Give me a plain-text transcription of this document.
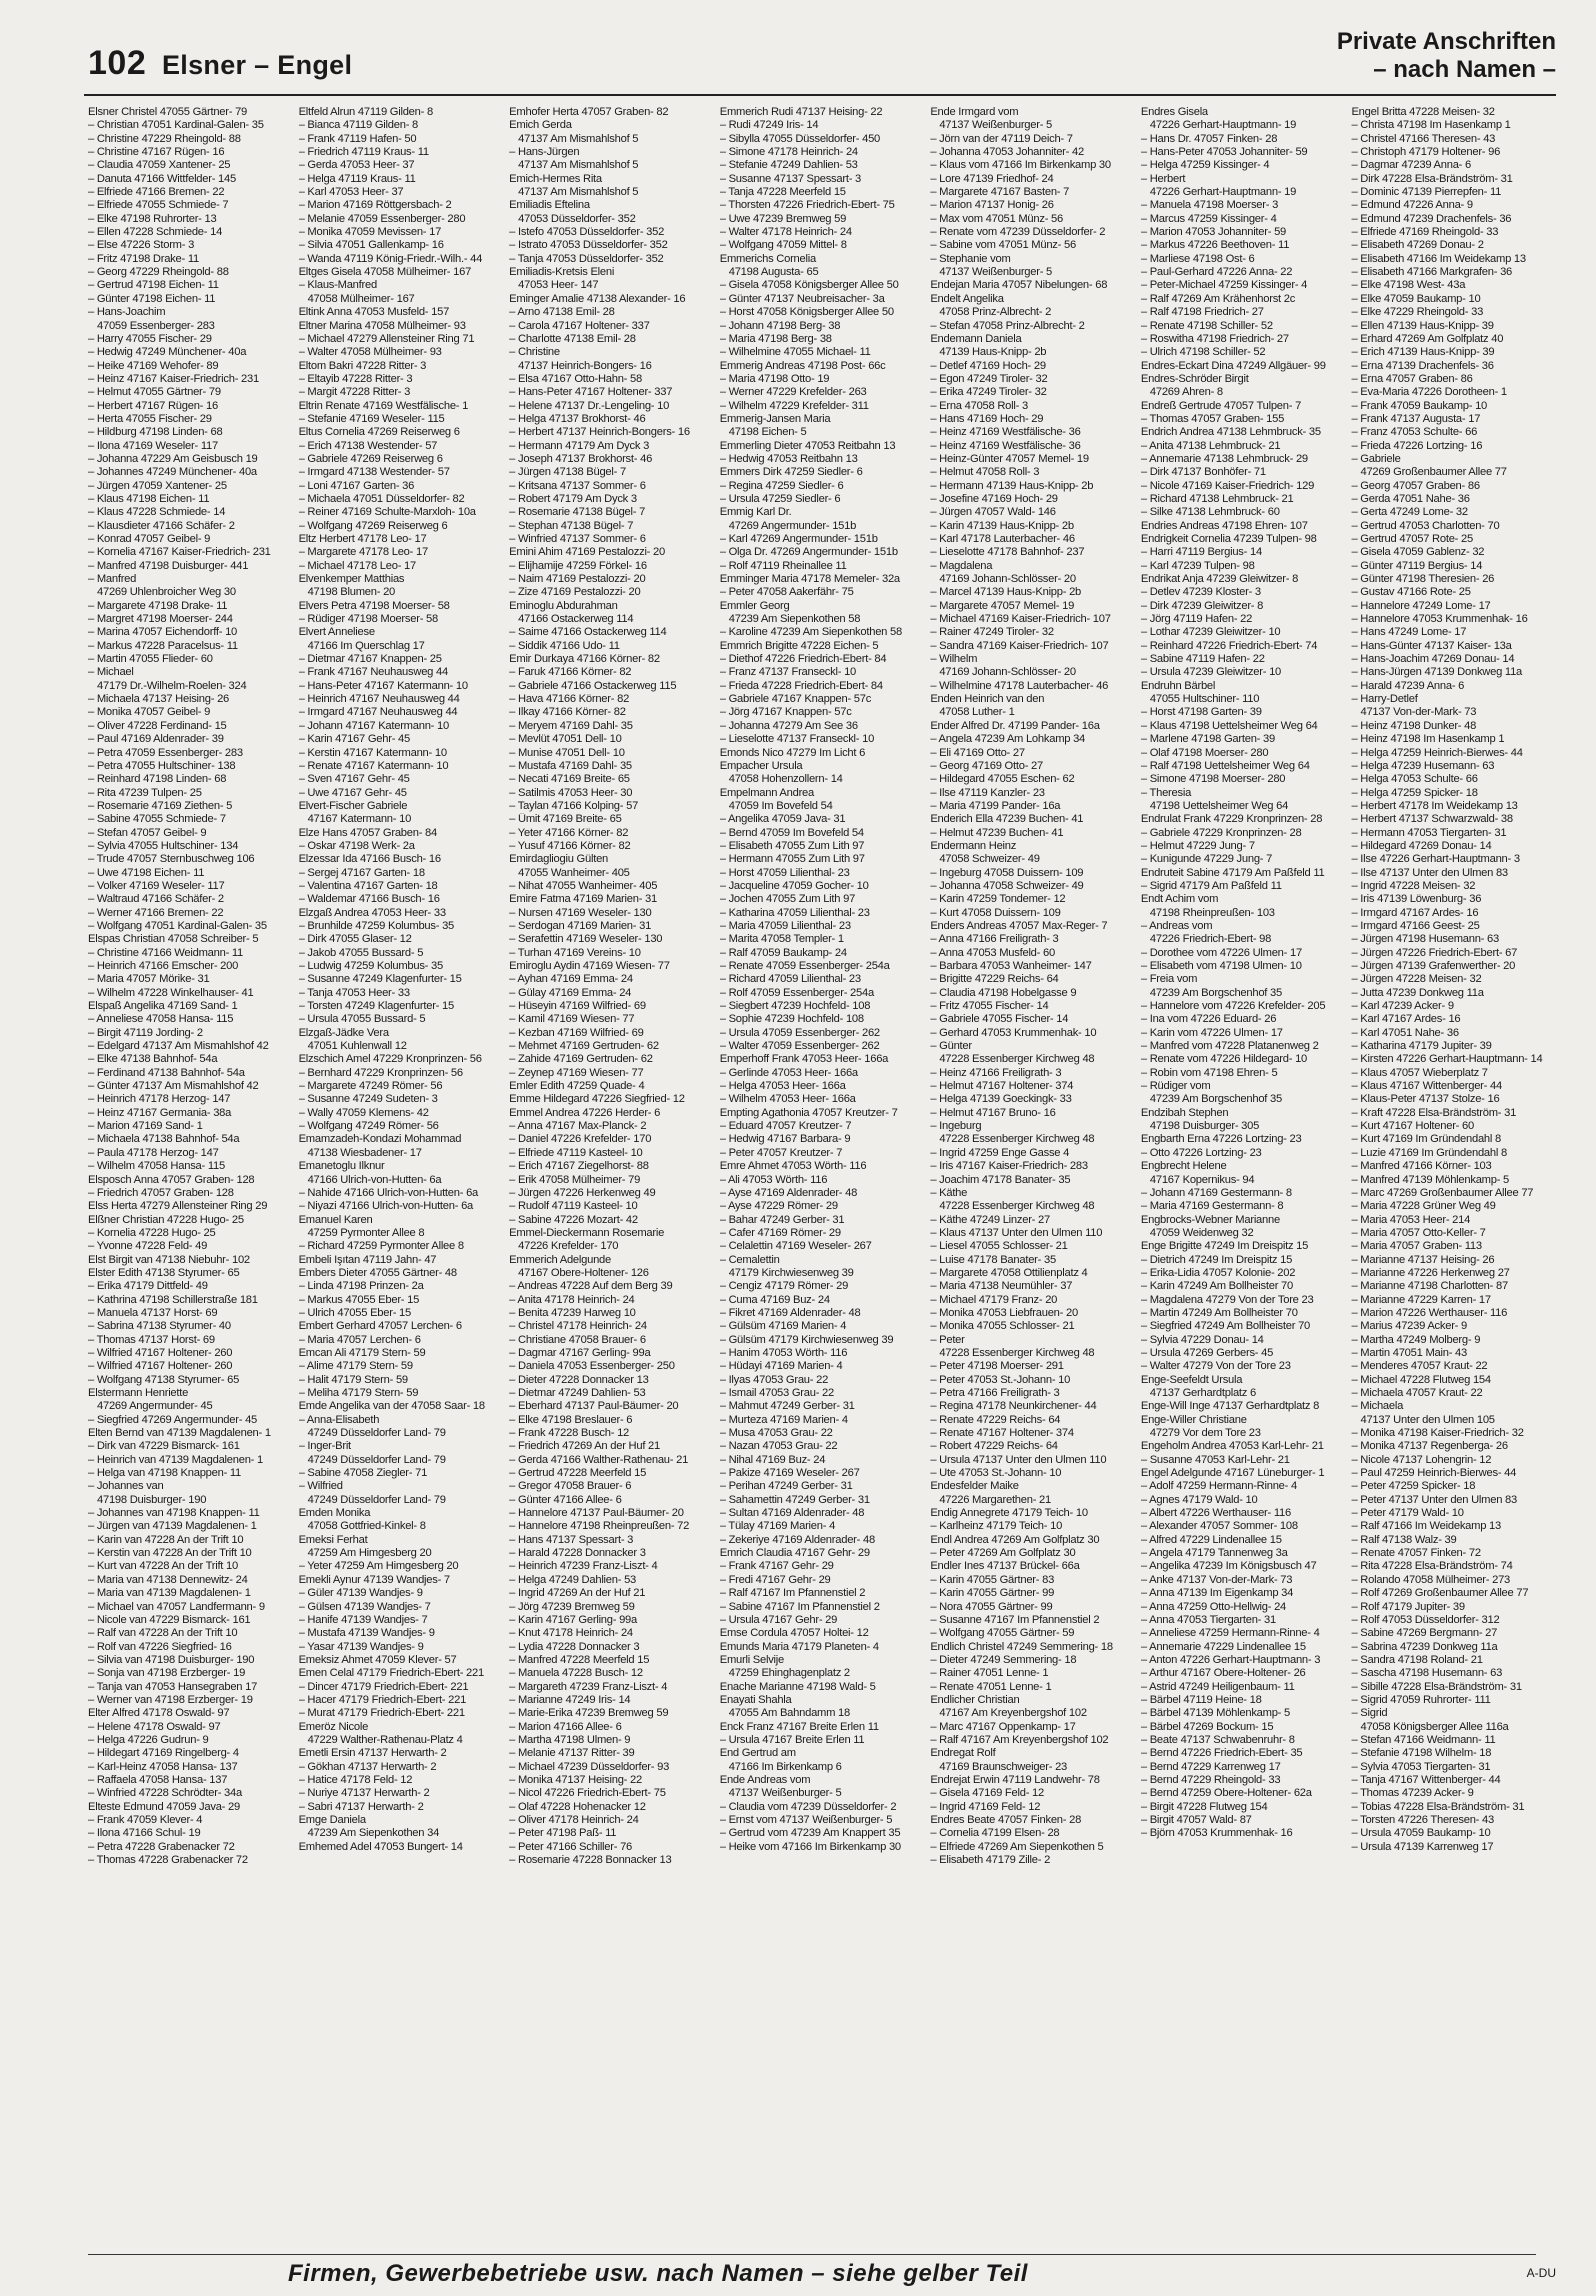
102 Elsner – Engel
Private Anschriften
– nach Namen –
Elsner Christel 47055 Gärtner- 79
– Christian 47051 Kardinal-Galen- 35
– Christine 47229 Rheingold- 88
– Christine 47167 Rügen- 16
– Claudia 47059 Xantener- 25
– Danuta 47166 Wittfelder- 145
– Elfriede 47166 Bremen- 22
– Elfriede 47055 Schmiede- 7
– Elke 47198 Ruhrorter- 13
– Ellen 47228 Schmiede- 14
– Else 47226 Storm- 3
– Fritz 47198 Drake- 11
– Georg 47229 Rheingold- 88
– Gertrud 47198 Eichen- 11
– Günter 47198 Eichen- 11
– Hans-Joachim
47059 Essenberger- 283
– Harry 47055 Fischer- 29
– Hedwig 47249 Münchener- 40a
– Heike 47169 Wehofer- 89
– Heinz 47167 Kaiser-Friedrich- 231
– Helmut 47055 Gärtner- 79
– Herbert 47167 Rügen- 16
– Herta 47055 Fischer- 29
– Hildburg 47198 Linden- 68
– Ilona 47169 Weseler- 117
– Johanna 47229 Am Geisbusch 19
– Johannes 47249 Münchener- 40a
– Jürgen 47059 Xantener- 25
– Klaus 47198 Eichen- 11
– Klaus 47228 Schmiede- 14
– Klausdieter 47166 Schäfer- 2
– Konrad 47057 Geibel- 9
– Kornelia 47167 Kaiser-Friedrich- 231
– Manfred 47198 Duisburger- 441
– Manfred
47269 Uhlenbroicher Weg 30
– Margarete 47198 Drake- 11
– Margret 47198 Moerser- 244
– Marina 47057 Eichendorff- 10
– Markus 47228 Paracelsus- 11
– Martin 47055 Flieder- 60
– Michael
47179 Dr.-Wilhelm-Roelen- 324
– Michaela 47137 Heising- 26
– Monika 47057 Geibel- 9
– Oliver 47228 Ferdinand- 15
– Paul 47169 Aldenrader- 39
– Petra 47059 Essenberger- 283
– Petra 47055 Hultschiner- 138
– Reinhard 47198 Linden- 68
– Rita 47239 Tulpen- 25
– Rosemarie 47169 Ziethen- 5
– Sabine 47055 Schmiede- 7
– Stefan 47057 Geibel- 9
– Sylvia 47055 Hultschiner- 134
– Trude 47057 Sternbuschweg 106
– Uwe 47198 Eichen- 11
– Volker 47169 Weseler- 117
– Waltraud 47166 Schäfer- 2
– Werner 47166 Bremen- 22
– Wolfgang 47051 Kardinal-Galen- 35
Elspas Christian 47058 Schreiber- 5
– Christine 47166 Weidmann- 11
– Heinrich 47166 Emscher- 200
– Maria 47057 Mörike- 31
– Wilhelm 47228 Winkelhauser- 41
Elspaß Angelika 47169 Sand- 1
– Anneliese 47058 Hansa- 115
– Birgit 47119 Jording- 2
– Edelgard 47137 Am Mismahlshof 42
– Elke 47138 Bahnhof- 54a
– Ferdinand 47138 Bahnhof- 54a
– Günter 47137 Am Mismahlshof 42
– Heinrich 47178 Herzog- 147
– Heinz 47167 Germania- 38a
– Marion 47169 Sand- 1
– Michaela 47138 Bahnhof- 54a
– Paula 47178 Herzog- 147
– Wilhelm 47058 Hansa- 115
Elsposch Anna 47057 Graben- 128
– Friedrich 47057 Graben- 128
Elss Herta 47279 Allensteiner Ring 29
Elßner Christian 47228 Hugo- 25
– Kornelia 47228 Hugo- 25
– Yvonne 47228 Feld- 49
Elst Birgit van 47138 Niebuhr- 102
Elster Edith 47138 Styrumer- 65
– Erika 47179 Dittfeld- 49
– Kathrina 47198 Schillerstraße 181
– Manuela 47137 Horst- 69
– Sabrina 47138 Styrumer- 40
– Thomas 47137 Horst- 69
– Wilfried 47167 Holtener- 260
– Wilfried 47167 Holtener- 260
– Wolfgang 47138 Styrumer- 65
Elstermann Henriette
47269 Angermunder- 45
– Siegfried 47269 Angermunder- 45
Elten Bernd van 47139 Magdalenen- 1
– Dirk van 47229 Bismarck- 161
– Heinrich van 47139 Magdalenen- 1
– Helga van 47198 Knappen- 11
– Johannes van
47198 Duisburger- 190
– Johannes van 47198 Knappen- 11
– Jürgen van 47139 Magdalenen- 1
– Karin van 47228 An der Trift 10
– Kerstin van 47228 An der Trift 10
– Kurt van 47228 An der Trift 10
– Maria van 47138 Dennewitz- 24
– Maria van 47139 Magdalenen- 1
– Michael van 47057 Landfermann- 9
– Nicole van 47229 Bismarck- 161
– Ralf van 47228 An der Trift 10
– Rolf van 47226 Siegfried- 16
– Silvia van 47198 Duisburger- 190
– Sonja van 47198 Erzberger- 19
– Tanja van 47053 Hansegraben 17
– Werner van 47198 Erzberger- 19
Elter Alfred 47178 Oswald- 97
– Helene 47178 Oswald- 97
– Helga 47226 Gudrun- 9
– Hildegart 47169 Ringelberg- 4
– Karl-Heinz 47058 Hansa- 137
– Raffaela 47058 Hansa- 137
– Winfried 47228 Schrödter- 34a
Elteste Edmund 47059 Java- 29
– Frank 47059 Klever- 4
– Ilona 47166 Schul- 19
– Petra 47228 Grabenacker 72
– Thomas 47228 Grabenacker 72
Eltfeld Alrun 47119 Gilden- 8
– Bianca 47119 Gilden- 8
– Frank 47119 Hafen- 50
– Friedrich 47119 Kraus- 11
– Gerda 47053 Heer- 37
– Helga 47119 Kraus- 11
– Karl 47053 Heer- 37
– Marion 47169 Röttgersbach- 2
– Melanie 47059 Essenberger- 280
– Monika 47059 Mevissen- 17
– Silvia 47051 Gallenkamp- 16
– Wanda 47119 König-Friedr.-Wilh.- 44
Eltges Gisela 47058 Mülheimer- 167
– Klaus-Manfred
47058 Mülheimer- 167
Eltink Anna 47053 Musfeld- 157
Eltner Marina 47058 Mülheimer- 93
– Michael 47279 Allensteiner Ring 71
– Walter 47058 Mülheimer- 93
Eltom Bakri 47228 Ritter- 3
– Eltayib 47228 Ritter- 3
– Margit 47228 Ritter- 3
Eltrin Renate 47169 Westfälische- 1
– Stefanie 47169 Weseler- 115
Eltus Cornelia 47269 Reiserweg 6
– Erich 47138 Westender- 57
– Gabriele 47269 Reiserweg 6
– Irmgard 47138 Westender- 57
– Loni 47167 Garten- 36
– Michaela 47051 Düsseldorfer- 82
– Reiner 47169 Schulte-Marxloh- 10a
– Wolfgang 47269 Reiserweg 6
Eltz Herbert 47178 Leo- 17
– Margarete 47178 Leo- 17
– Michael 47178 Leo- 17
Elvenkemper Matthias
47198 Blumen- 20
Elvers Petra 47198 Moerser- 58
– Rüdiger 47198 Moerser- 58
Elvert Anneliese
47166 Im Querschlag 17
– Dietmar 47167 Knappen- 25
– Frank 47167 Neuhausweg 44
– Hans-Peter 47167 Katermann- 10
– Heinrich 47167 Neuhausweg 44
– Irmgard 47167 Neuhausweg 44
– Johann 47167 Katermann- 10
– Karin 47167 Gehr- 45
– Kerstin 47167 Katermann- 10
– Renate 47167 Katermann- 10
– Sven 47167 Gehr- 45
– Uwe 47167 Gehr- 45
Elvert-Fischer Gabriele
47167 Katermann- 10
Elze Hans 47057 Graben- 84
– Oskar 47198 Werk- 2a
Elzessar Ida 47166 Busch- 16
– Sergej 47167 Garten- 18
– Valentina 47167 Garten- 18
– Waldemar 47166 Busch- 16
Elzgaß Andrea 47053 Heer- 33
– Brunhilde 47259 Kolumbus- 35
– Dirk 47055 Glaser- 12
– Jakob 47055 Bussard- 5
– Ludwig 47259 Kolumbus- 35
– Susanne 47249 Klagenfurter- 15
– Tanja 47053 Heer- 33
– Torsten 47249 Klagenfurter- 15
– Ursula 47055 Bussard- 5
Elzgaß-Jädke Vera
47051 Kuhlenwall 12
Elzschich Amel 47229 Kronprinzen- 56
– Bernhard 47229 Kronprinzen- 56
– Margarete 47249 Römer- 56
– Susanne 47249 Sudeten- 3
– Wally 47059 Klemens- 42
– Wolfgang 47249 Römer- 56
Emamzadeh-Kondazi Mohammad
47138 Wiesbadener- 17
Emanetoglu Ilknur
47166 Ulrich-von-Hutten- 6a
– Nahide 47166 Ulrich-von-Hutten- 6a
– Niyazi 47166 Ulrich-von-Hutten- 6a
Emanuel Karen
47259 Pyrmonter Allee 8
– Richard 47259 Pyrmonter Allee 8
Embeli Işıtan 47119 Jahn- 47
Embers Dieter 47055 Gärtner- 48
– Linda 47198 Prinzen- 2a
– Markus 47055 Eber- 15
– Ulrich 47055 Eber- 15
Embert Gerhard 47057 Lerchen- 6
– Maria 47057 Lerchen- 6
Emcan Ali 47179 Stern- 59
– Alime 47179 Stern- 59
– Halit 47179 Stern- 59
– Meliha 47179 Stern- 59
Emde Angelika van der 47058 Saar- 18
– Anna-Elisabeth
47249 Düsseldorfer Land- 79
– Inger-Brit
47249 Düsseldorfer Land- 79
– Sabine 47058 Ziegler- 71
– Wilfried
47249 Düsseldorfer Land- 79
Emden Monika
47058 Gottfried-Kinkel- 8
Emeksi Ferhat
47259 Am Himgesberg 20
– Yeter 47259 Am Himgesberg 20
Emekli Aynur 47139 Wandjes- 7
– Güler 47139 Wandjes- 9
– Gülsen 47139 Wandjes- 7
– Hanife 47139 Wandjes- 7
– Mustafa 47139 Wandjes- 9
– Yasar 47139 Wandjes- 9
Emeksiz Ahmet 47059 Klever- 57
Emen Celal 47179 Friedrich-Ebert- 221
– Dincer 47179 Friedrich-Ebert- 221
– Hacer 47179 Friedrich-Ebert- 221
– Murat 47179 Friedrich-Ebert- 221
Emeröz Nicole
47229 Walther-Rathenau-Platz 4
Emetli Ersin 47137 Herwarth- 2
– Gökhan 47137 Herwarth- 2
– Hatice 47178 Feld- 12
– Nuriye 47137 Herwarth- 2
– Sabri 47137 Herwarth- 2
Emge Daniela
47239 Am Siepenkothen 34
Emhemed Adel 47053 Bungert- 14
Emhofer Herta 47057 Graben- 82
Emich Gerda
47137 Am Mismahlshof 5
– Hans-Jürgen
47137 Am Mismahlshof 5
Emich-Hermes Rita
47137 Am Mismahlshof 5
Emiliadis Eftelina
47053 Düsseldorfer- 352
– Istefo 47053 Düsseldorfer- 352
– Istrato 47053 Düsseldorfer- 352
– Tanja 47053 Düsseldorfer- 352
Emiliadis-Kretsis Eleni
47053 Heer- 147
Eminger Amalie 47138 Alexander- 16
– Arno 47138 Emil- 28
– Carola 47167 Holtener- 337
– Charlotte 47138 Emil- 28
– Christine
47137 Heinrich-Bongers- 16
– Elsa 47167 Otto-Hahn- 58
– Hans-Peter 47167 Holtener- 337
– Helene 47137 Dr.-Lengeling- 10
– Helga 47137 Brokhorst- 46
– Herbert 47137 Heinrich-Bongers- 16
– Hermann 47179 Am Dyck 3
– Joseph 47137 Brokhorst- 46
– Jürgen 47138 Bügel- 7
– Kritsana 47137 Sommer- 6
– Robert 47179 Am Dyck 3
– Rosemarie 47138 Bügel- 7
– Stephan 47138 Bügel- 7
– Winfried 47137 Sommer- 6
Emini Ahim 47169 Pestalozzi- 20
– Elijhamije 47259 Förkel- 16
– Naim 47169 Pestalozzi- 20
– Zize 47169 Pestalozzi- 20
Eminoglu Abdurahman
47166 Ostackerweg 114
– Saime 47166 Ostackerweg 114
– Siddik 47166 Udo- 11
Emir Durkaya 47166 Körner- 82
– Faruk 47166 Körner- 82
– Gabriele 47166 Ostackerweg 115
– Hava 47166 Körner- 82
– Ilkay 47166 Körner- 82
– Meryem 47169 Dahl- 35
– Mevlüt 47051 Dell- 10
– Munise 47051 Dell- 10
– Mustafa 47169 Dahl- 35
– Necati 47169 Breite- 65
– Satilmis 47053 Heer- 30
– Taylan 47166 Kolping- 57
– Ümit 47169 Breite- 65
– Yeter 47166 Körner- 82
– Yusuf 47166 Körner- 82
Emirdagliogiu Gülten
47055 Wanheimer- 405
– Nihat 47055 Wanheimer- 405
Emire Fatma 47169 Marien- 31
– Nursen 47169 Weseler- 130
– Serdogan 47169 Marien- 31
– Serafettin 47169 Weseler- 130
– Turhan 47169 Vereins- 10
Emiroglu Aydin 47169 Wiesen- 77
– Ayhan 47169 Emma- 24
– Gülay 47169 Emma- 24
– Hüseyin 47169 Wilfried- 69
– Kamil 47169 Wiesen- 77
– Kezban 47169 Wilfried- 69
– Mehmet 47169 Gertruden- 62
– Zahide 47169 Gertruden- 62
– Zeynep 47169 Wiesen- 77
Emler Edith 47259 Quade- 4
Emme Hildegard 47226 Siegfried- 12
Emmel Andrea 47226 Herder- 6
– Anna 47167 Max-Planck- 2
– Daniel 47226 Krefelder- 170
– Elfriede 47119 Kasteel- 10
– Erich 47167 Ziegelhorst- 88
– Erik 47058 Mülheimer- 79
– Jürgen 47226 Herkenweg 49
– Rudolf 47119 Kasteel- 10
– Sabine 47226 Mozart- 42
Emmel-Dieckermann Rosemarie
47226 Krefelder- 170
Emmerich Adelgunde
47167 Obere-Holtener- 126
– Andreas 47228 Auf dem Berg 39
– Anita 47178 Heinrich- 24
– Benita 47239 Harweg 10
– Christel 47178 Heinrich- 24
– Christiane 47058 Brauer- 6
– Dagmar 47167 Gerling- 99a
– Daniela 47053 Essenberger- 250
– Dieter 47228 Donnacker 13
– Dietmar 47249 Dahlien- 53
– Eberhard 47137 Paul-Bäumer- 20
– Elke 47198 Breslauer- 6
– Frank 47228 Busch- 12
– Friedrich 47269 An der Huf 21
– Gerda 47166 Walther-Rathenau- 21
– Gertrud 47228 Meerfeld 15
– Gregor 47058 Brauer- 6
– Günter 47166 Allee- 6
– Hannelore 47137 Paul-Bäumer- 20
– Hannelore 47198 Rheinpreußen- 72
– Hans 47137 Spessart- 3
– Harald 47228 Donnacker 3
– Heinrich 47239 Franz-Liszt- 4
– Helga 47249 Dahlien- 53
– Ingrid 47269 An der Huf 21
– Jörg 47239 Bremweg 59
– Karin 47167 Gerling- 99a
– Knut 47178 Heinrich- 24
– Lydia 47228 Donnacker 3
– Manfred 47228 Meerfeld 15
– Manuela 47228 Busch- 12
– Margareth 47239 Franz-Liszt- 4
– Marianne 47249 Iris- 14
– Marie-Erika 47239 Bremweg 59
– Marion 47166 Allee- 6
– Martha 47198 Ulmen- 9
– Melanie 47137 Ritter- 39
– Michael 47239 Düsseldorfer- 93
– Monika 47137 Heising- 22
– Nicol 47226 Friedrich-Ebert- 75
– Olaf 47228 Hohenacker 12
– Oliver 47178 Heinrich- 24
– Peter 47198 Paß- 11
– Peter 47166 Schiller- 76
– Rosemarie 47228 Bonnacker 13
Emmerich Rudi 47137 Heising- 22
– Rudi 47249 Iris- 14
– Sibylla 47055 Düsseldorfer- 450
– Simone 47178 Heinrich- 24
– Stefanie 47249 Dahlien- 53
– Susanne 47137 Spessart- 3
– Tanja 47228 Meerfeld 15
– Thorsten 47226 Friedrich-Ebert- 75
– Uwe 47239 Bremweg 59
– Walter 47178 Heinrich- 24
– Wolfgang 47059 Mittel- 8
Emmerichs Cornelia
47198 Augusta- 65
– Gisela 47058 Königsberger Allee 50
– Günter 47137 Neubreisacher- 3a
– Horst 47058 Königsberger Allee 50
– Johann 47198 Berg- 38
– Maria 47198 Berg- 38
– Wilhelmine 47055 Michael- 11
Emmerig Andreas 47198 Post- 66c
– Maria 47198 Otto- 19
– Werner 47229 Krefelder- 263
– Wilhelm 47229 Krefelder- 311
Emmerig-Jansen Maria
47198 Eichen- 5
Emmerling Dieter 47053 Reitbahn 13
– Hedwig 47053 Reitbahn 13
Emmers Dirk 47259 Siedler- 6
– Regina 47259 Siedler- 6
– Ursula 47259 Siedler- 6
Emmig Karl Dr.
47269 Angermunder- 151b
– Karl 47269 Angermunder- 151b
– Olga Dr. 47269 Angermunder- 151b
– Rolf 47119 Rheinallee 11
Emminger Maria 47178 Memeler- 32a
– Peter 47058 Aakerfähr- 75
Emmler Georg
47239 Am Siepenkothen 58
– Karoline 47239 Am Siepenkothen 58
Emmrich Brigitte 47228 Eichen- 5
– Diethof 47226 Friedrich-Ebert- 84
– Franz 47137 Franseckl- 10
– Frieda 47228 Friedrich-Ebert- 84
– Gabriele 47167 Knappen- 57c
– Jörg 47167 Knappen- 57c
– Johanna 47279 Am See 36
– Lieselotte 47137 Franseckl- 10
Emonds Nico 47279 Im Licht 6
Empacher Ursula
47058 Hohenzollern- 14
Empelmann Andrea
47059 Im Bovefeld 54
– Angelika 47059 Java- 31
– Bernd 47059 Im Bovefeld 54
– Elisabeth 47055 Zum Lith 97
– Hermann 47055 Zum Lith 97
– Horst 47059 Lilienthal- 23
– Jacqueline 47059 Gocher- 10
– Jochen 47055 Zum Lith 97
– Katharina 47059 Lilienthal- 23
– Maria 47059 Lilienthal- 23
– Marita 47058 Templer- 1
– Ralf 47059 Baukamp- 24
– Renate 47059 Essenberger- 254a
– Richard 47059 Lilienthal- 23
– Rolf 47059 Essenberger- 254a
– Siegbert 47239 Hochfeld- 108
– Sophie 47239 Hochfeld- 108
– Ursula 47059 Essenberger- 262
– Walter 47059 Essenberger- 262
Emperhoff Frank 47053 Heer- 166a
– Gerlinde 47053 Heer- 166a
– Helga 47053 Heer- 166a
– Wilhelm 47053 Heer- 166a
Empting Agathonia 47057 Kreutzer- 7
– Eduard 47057 Kreutzer- 7
– Hedwig 47167 Barbara- 9
– Peter 47057 Kreutzer- 7
Emre Ahmet 47053 Wörth- 116
– Ali 47053 Wörth- 116
– Ayse 47169 Aldenrader- 48
– Ayse 47229 Römer- 29
– Bahar 47249 Gerber- 31
– Cafer 47169 Römer- 29
– Celalettin 47169 Weseler- 267
– Cemalettin
47179 Kirchwiesenweg 39
– Cengiz 47179 Römer- 29
– Cuma 47169 Buz- 24
– Fikret 47169 Aldenrader- 48
– Gülsüm 47169 Marien- 4
– Gülsüm 47179 Kirchwiesenweg 39
– Hanim 47053 Wörth- 116
– Hüdayi 47169 Marien- 4
– Ilyas 47053 Grau- 22
– Ismail 47053 Grau- 22
– Mahmut 47249 Gerber- 31
– Murteza 47169 Marien- 4
– Musa 47053 Grau- 22
– Nazan 47053 Grau- 22
– Nihal 47169 Buz- 24
– Pakize 47169 Weseler- 267
– Perihan 47249 Gerber- 31
– Sahamettin 47249 Gerber- 31
– Sultan 47169 Aldenrader- 48
– Tülay 47169 Marien- 4
– Zekeriye 47169 Aldenrader- 48
Emrich Claudia 47167 Gehr- 29
– Frank 47167 Gehr- 29
– Fredi 47167 Gehr- 29
– Ralf 47167 Im Pfannenstiel 2
– Sabine 47167 Im Pfannenstiel 2
– Ursula 47167 Gehr- 29
Emse Cordula 47057 Holtei- 12
Emunds Maria 47179 Planeten- 4
Emurli Selvije
47259 Ehinghagenplatz 2
Enache Marianne 47198 Wald- 5
Enayati Shahla
47055 Am Bahndamm 18
Enck Franz 47167 Breite Erlen 11
– Ursula 47167 Breite Erlen 11
End Gertrud am
47166 Im Birkenkamp 6
Ende Andreas vom
47137 Weißenburger- 5
– Claudia vom 47239 Düsseldorfer- 2
– Ernst vom 47137 Weißenburger- 5
– Gertrud vom 47239 Am Knappert 35
– Heike vom 47166 Im Birkenkamp 30
Ende Irmgard vom
47137 Weißenburger- 5
– Jörn van der 47119 Deich- 7
– Johanna 47053 Johanniter- 42
– Klaus vom 47166 Im Birkenkamp 30
– Lore 47139 Friedhof- 24
– Margarete 47167 Basten- 7
– Marion 47137 Honig- 26
– Max vom 47051 Münz- 56
– Renate vom 47239 Düsseldorfer- 2
– Sabine vom 47051 Münz- 56
– Stephanie vom
47137 Weißenburger- 5
Endejan Maria 47057 Nibelungen- 68
Endelt Angelika
47058 Prinz-Albrecht- 2
– Stefan 47058 Prinz-Albrecht- 2
Endemann Daniela
47139 Haus-Knipp- 2b
– Detlef 47169 Hoch- 29
– Egon 47249 Tiroler- 32
– Erika 47249 Tiroler- 32
– Erna 47058 Roll- 3
– Hans 47169 Hoch- 29
– Heinz 47169 Westfälische- 36
– Heinz 47169 Westfälische- 36
– Heinz-Günter 47057 Memel- 19
– Helmut 47058 Roll- 3
– Hermann 47139 Haus-Knipp- 2b
– Josefine 47169 Hoch- 29
– Jürgen 47057 Wald- 146
– Karin 47139 Haus-Knipp- 2b
– Karl 47178 Lauterbacher- 46
– Lieselotte 47178 Bahnhof- 237
– Magdalena
47169 Johann-Schlösser- 20
– Marcel 47139 Haus-Knipp- 2b
– Margarete 47057 Memel- 19
– Michael 47169 Kaiser-Friedrich- 107
– Rainer 47249 Tiroler- 32
– Sandra 47169 Kaiser-Friedrich- 107
– Wilhelm
47169 Johann-Schlösser- 20
– Wilhelmine 47178 Lauterbacher- 46
Enden Heinrich van den
47058 Luther- 1
Ender Alfred Dr. 47199 Pander- 16a
– Angela 47239 Am Lohkamp 34
– Eli 47169 Otto- 27
– Georg 47169 Otto- 27
– Hildegard 47055 Eschen- 62
– Ilse 47119 Kanzler- 23
– Maria 47199 Pander- 16a
Enderich Ella 47239 Buchen- 41
– Helmut 47239 Buchen- 41
Endermann Heinz
47058 Schweizer- 49
– Ingeburg 47058 Duissern- 109
– Johanna 47058 Schweizer- 49
– Karin 47259 Tondemer- 12
– Kurt 47058 Duissern- 109
Enders Andreas 47057 Max-Reger- 7
– Anna 47166 Freiligrath- 3
– Anna 47053 Musfeld- 60
– Barbara 47053 Wanheimer- 147
– Brigitte 47229 Reichs- 64
– Claudia 47198 Hobelgasse 9
– Fritz 47055 Fischer- 14
– Gabriele 47055 Fischer- 14
– Gerhard 47053 Krummenhak- 10
– Günter
47228 Essenberger Kirchweg 48
– Heinz 47166 Freiligrath- 3
– Helmut 47167 Holtener- 374
– Helga 47139 Goeckingk- 33
– Helmut 47167 Bruno- 16
– Ingeburg
47228 Essenberger Kirchweg 48
– Ingrid 47259 Enge Gasse 4
– Iris 47167 Kaiser-Friedrich- 283
– Joachim 47178 Banater- 35
– Käthe
47228 Essenberger Kirchweg 48
– Käthe 47249 Linzer- 27
– Klaus 47137 Unter den Ulmen 110
– Liesel 47055 Schlosser- 21
– Luise 47178 Banater- 35
– Margarete 47058 Ottilienplatz 4
– Maria 47138 Neumühler- 37
– Michael 47179 Franz- 20
– Monika 47053 Liebfrauen- 20
– Monika 47055 Schlosser- 21
– Peter
47228 Essenberger Kirchweg 48
– Peter 47198 Moerser- 291
– Peter 47053 St.-Johann- 10
– Petra 47166 Freiligrath- 3
– Regina 47178 Neunkirchener- 44
– Renate 47229 Reichs- 64
– Renate 47167 Holtener- 374
– Robert 47229 Reichs- 64
– Ursula 47137 Unter den Ulmen 110
– Ute 47053 St.-Johann- 10
Endesfelder Maike
47226 Margarethen- 21
Endig Annegrete 47179 Teich- 10
– Karlheinz 47179 Teich- 10
Endl Andrea 47269 Am Golfplatz 30
– Peter 47269 Am Golfplatz 30
Endler Ines 47137 Brückel- 66a
– Karin 47055 Gärtner- 83
– Karin 47055 Gärtner- 99
– Nora 47055 Gärtner- 99
– Susanne 47167 Im Pfannenstiel 2
– Wolfgang 47055 Gärtner- 59
Endlich Christel 47249 Semmering- 18
– Dieter 47249 Semmering- 18
– Rainer 47051 Lenne- 1
– Renate 47051 Lenne- 1
Endlicher Christian
47167 Am Kreyenbergshof 102
– Marc 47167 Oppenkamp- 17
– Ralf 47167 Am Kreyenbergshof 102
Endregat Rolf
47169 Braunschweiger- 23
Endrejat Erwin 47119 Landwehr- 78
– Gisela 47169 Feld- 12
– Ingrid 47169 Feld- 12
Endres Beate 47057 Finken- 28
– Cornelia 47199 Elsen- 28
– Elfriede 47269 Am Siepenkothen 5
– Elisabeth 47179 Zille- 2
Endres Gisela
47226 Gerhart-Hauptmann- 19
– Hans Dr. 47057 Finken- 28
– Hans-Peter 47053 Johanniter- 59
– Helga 47259 Kissinger- 4
– Herbert
47226 Gerhart-Hauptmann- 19
– Manuela 47198 Moerser- 3
– Marcus 47259 Kissinger- 4
– Marion 47053 Johanniter- 59
– Markus 47226 Beethoven- 11
– Marliese 47198 Ost- 6
– Paul-Gerhard 47226 Anna- 22
– Peter-Michael 47259 Kissinger- 4
– Ralf 47269 Am Krähenhorst 2c
– Ralf 47198 Friedrich- 27
– Renate 47198 Schiller- 52
– Roswitha 47198 Friedrich- 27
– Ulrich 47198 Schiller- 52
Endres-Eckart Dina 47249 Allgäuer- 99
Endres-Schröder Birgit
47269 Ahren- 8
Endreß Gertrude 47057 Tulpen- 7
– Thomas 47057 Graben- 155
Endrich Andrea 47138 Lehmbruck- 35
– Anita 47138 Lehmbruck- 21
– Annemarie 47138 Lehmbruck- 29
– Dirk 47137 Bonhöfer- 71
– Nicole 47169 Kaiser-Friedrich- 129
– Richard 47138 Lehmbruck- 21
– Silke 47138 Lehmbruck- 60
Endries Andreas 47198 Ehren- 107
Endrigkeit Cornelia 47239 Tulpen- 98
– Harri 47119 Bergius- 14
– Karl 47239 Tulpen- 98
Endrikat Anja 47239 Gleiwitzer- 8
– Detlev 47239 Kloster- 3
– Dirk 47239 Gleiwitzer- 8
– Jörg 47119 Hafen- 22
– Lothar 47239 Gleiwitzer- 10
– Reinhard 47226 Friedrich-Ebert- 74
– Sabine 47119 Hafen- 22
– Ursula 47239 Gleiwitzer- 10
Endruhn Bärbel
47055 Hultschiner- 110
– Horst 47198 Garten- 39
– Klaus 47198 Uettelsheimer Weg 64
– Marlene 47198 Garten- 39
– Olaf 47198 Moerser- 280
– Ralf 47198 Uettelsheimer Weg 64
– Simone 47198 Moerser- 280
– Theresia
47198 Uettelsheimer Weg 64
Endrulat Frank 47229 Kronprinzen- 28
– Gabriele 47229 Kronprinzen- 28
– Helmut 47229 Jung- 7
– Kunigunde 47229 Jung- 7
Endruteit Sabine 47179 Am Paßfeld 11
– Sigrid 47179 Am Paßfeld 11
Endt Achim vom
47198 Rheinpreußen- 103
– Andreas vom
47226 Friedrich-Ebert- 98
– Dorothee vom 47226 Ulmen- 17
– Elisabeth vom 47198 Ulmen- 10
– Freia vom
47239 Am Borgschenhof 35
– Hannelore vom 47226 Krefelder- 205
– Ina vom 47226 Eduard- 26
– Karin vom 47226 Ulmen- 17
– Manfred vom 47228 Platanenweg 2
– Renate vom 47226 Hildegard- 10
– Robin vom 47198 Ehren- 5
– Rüdiger vom
47239 Am Borgschenhof 35
Endzibah Stephen
47198 Duisburger- 305
Engbarth Erna 47226 Lortzing- 23
– Otto 47226 Lortzing- 23
Engbrecht Helene
47167 Kopernikus- 94
– Johann 47169 Gestermann- 8
– Maria 47169 Gestermann- 8
Engbrocks-Webner Marianne
47059 Weidenweg 32
Enge Brigitte 47249 Im Dreispitz 15
– Dietrich 47249 Im Dreispitz 15
– Erika-Lidia 47057 Kolonie- 202
– Karin 47249 Am Bollheister 70
– Magdalena 47279 Von der Tore 23
– Martin 47249 Am Bollheister 70
– Siegfried 47249 Am Bollheister 70
– Sylvia 47229 Donau- 14
– Ursula 47269 Gerbers- 45
– Walter 47279 Von der Tore 23
Enge-Seefeldt Ursula
47137 Gerhardtplatz 6
Enge-Will Inge 47137 Gerhardtplatz 8
Enge-Willer Christiane
47279 Vor dem Tore 23
Engeholm Andrea 47053 Karl-Lehr- 21
– Susanne 47053 Karl-Lehr- 21
Engel Adelgunde 47167 Lüneburger- 1
– Adolf 47259 Hermann-Rinne- 4
– Agnes 47179 Wald- 10
– Albert 47226 Werthauser- 116
– Alexander 47057 Sommer- 108
– Alfred 47229 Lindenallee 15
– Angela 47179 Tannenweg 3a
– Angelika 47239 Im Königsbusch 47
– Anke 47137 Von-der-Mark- 73
– Anna 47139 Im Eigenkamp 34
– Anna 47259 Otto-Hellwig- 24
– Anna 47053 Tiergarten- 31
– Anneliese 47259 Hermann-Rinne- 4
– Annemarie 47229 Lindenallee 15
– Anton 47226 Gerhart-Hauptmann- 3
– Arthur 47167 Obere-Holtener- 26
– Astrid 47249 Heiligenbaum- 11
– Bärbel 47119 Heine- 18
– Bärbel 47139 Möhlenkamp- 5
– Bärbel 47269 Bockum- 15
– Beate 47137 Schwabenruhr- 8
– Bernd 47226 Friedrich-Ebert- 35
– Bernd 47229 Karrenweg 17
– Bernd 47229 Rheingold- 33
– Bernd 47259 Obere-Holtener- 62a
– Birgit 47228 Flutweg 154
– Birgit 47057 Wald- 87
– Björn 47053 Krummenhak- 16
Engel Britta 47228 Meisen- 32
– Christa 47198 Im Hasenkamp 1
– Christel 47166 Theresen- 43
– Christoph 47179 Holtener- 96
– Dagmar 47239 Anna- 6
– Dirk 47228 Elsa-Brändström- 31
– Dominic 47139 Pierrepfen- 11
– Edmund 47226 Anna- 9
– Edmund 47239 Drachenfels- 36
– Elfriede 47169 Rheingold- 33
– Elisabeth 47269 Donau- 2
– Elisabeth 47166 Im Weidekamp 13
– Elisabeth 47166 Markgrafen- 36
– Elke 47198 West- 43a
– Elke 47059 Baukamp- 10
– Elke 47229 Rheingold- 33
– Ellen 47139 Haus-Knipp- 39
– Erhard 47269 Am Golfplatz 40
– Erich 47139 Haus-Knipp- 39
– Erna 47139 Drachenfels- 36
– Erna 47057 Graben- 86
– Eva-Maria 47226 Dorotheen- 1
– Frank 47059 Baukamp- 10
– Frank 47137 Augusta- 17
– Franz 47053 Schulte- 66
– Frieda 47226 Lortzing- 16
– Gabriele
47269 Großenbaumer Allee 77
– Georg 47057 Graben- 86
– Gerda 47051 Nahe- 36
– Gerta 47249 Lome- 32
– Gertrud 47053 Charlotten- 70
– Gertrud 47057 Rote- 25
– Gisela 47059 Gablenz- 32
– Günter 47119 Bergius- 14
– Günter 47198 Theresien- 26
– Gustav 47166 Rote- 25
– Hannelore 47249 Lome- 17
– Hannelore 47053 Krummenhak- 16
– Hans 47249 Lome- 17
– Hans-Günter 47137 Kaiser- 13a
– Hans-Joachim 47269 Donau- 14
– Hans-Jürgen 47139 Donkweg 11a
– Harald 47239 Anna- 6
– Harry-Detlef
47137 Von-der-Mark- 73
– Heinz 47198 Dunker- 48
– Heinz 47198 Im Hasenkamp 1
– Helga 47259 Heinrich-Bierwes- 44
– Helga 47239 Husemann- 63
– Helga 47053 Schulte- 66
– Helga 47259 Spicker- 18
– Herbert 47178 Im Weidekamp 13
– Herbert 47137 Schwarzwald- 38
– Hermann 47053 Tiergarten- 31
– Hildegard 47269 Donau- 14
– Ilse 47226 Gerhart-Hauptmann- 3
– Ilse 47137 Unter den Ulmen 83
– Ingrid 47228 Meisen- 32
– Iris 47139 Löwenburg- 36
– Irmgard 47167 Ardes- 16
– Irmgard 47166 Geest- 25
– Jürgen 47198 Husemann- 63
– Jürgen 47226 Friedrich-Ebert- 67
– Jürgen 47139 Grafenwerther- 20
– Jürgen 47228 Meisen- 32
– Jutta 47239 Donkweg 11a
– Karl 47239 Acker- 9
– Karl 47167 Ardes- 16
– Karl 47051 Nahe- 36
– Katharina 47179 Jupiter- 39
– Kirsten 47226 Gerhart-Hauptmann- 14
– Klaus 47057 Wieberplatz 7
– Klaus 47167 Wittenberger- 44
– Klaus-Peter 47137 Stolze- 16
– Kraft 47228 Elsa-Brändström- 31
– Kurt 47167 Holtener- 60
– Kurt 47169 Im Gründendahl 8
– Luzie 47169 Im Gründendahl 8
– Manfred 47166 Körner- 103
– Manfred 47139 Möhlenkamp- 5
– Marc 47269 Großenbaumer Allee 77
– Maria 47228 Grüner Weg 49
– Maria 47053 Heer- 214
– Maria 47057 Otto-Keller- 7
– Maria 47057 Graben- 113
– Marianne 47137 Heising- 26
– Marianne 47226 Herkenweg 27
– Marianne 47198 Charlotten- 87
– Marianne 47229 Karren- 17
– Marion 47226 Werthauser- 116
– Marius 47239 Acker- 9
– Martha 47249 Molberg- 9
– Martin 47051 Main- 43
– Menderes 47057 Kraut- 22
– Michael 47228 Flutweg 154
– Michaela 47057 Kraut- 22
– Michaela
47137 Unter den Ulmen 105
– Monika 47198 Kaiser-Friedrich- 32
– Monika 47137 Regenberga- 26
– Nicole 47137 Lohengrin- 12
– Paul 47259 Heinrich-Bierwes- 44
– Peter 47259 Spicker- 18
– Peter 47137 Unter den Ulmen 83
– Peter 47179 Wald- 10
– Ralf 47166 Im Weidekamp 13
– Ralf 47138 Walz- 39
– Renate 47057 Finken- 72
– Rita 47228 Elsa-Brändström- 74
– Rolando 47058 Mülheimer- 273
– Rolf 47269 Großenbaumer Allee 77
– Rolf 47179 Jupiter- 39
– Rolf 47053 Düsseldorfer- 312
– Sabine 47269 Bergmann- 27
– Sabrina 47239 Donkweg 11a
– Sandra 47198 Roland- 21
– Sascha 47198 Husemann- 63
– Sibille 47228 Elsa-Brändström- 31
– Sigrid 47059 Ruhrorter- 111
– Sigrid
47058 Königsberger Allee 116a
– Stefan 47166 Weidmann- 11
– Stefanie 47198 Wilhelm- 18
– Sylvia 47053 Tiergarten- 31
– Tanja 47167 Wittenberger- 44
– Thomas 47239 Acker- 9
– Tobias 47228 Elsa-Brändström- 31
– Torsten 47226 Theresen- 43
– Ursula 47059 Baukamp- 10
– Ursula 47139 Karrenweg 17
Firmen, Gewerbebetriebe usw. nach Namen – siehe gelber Teil	A-DU
